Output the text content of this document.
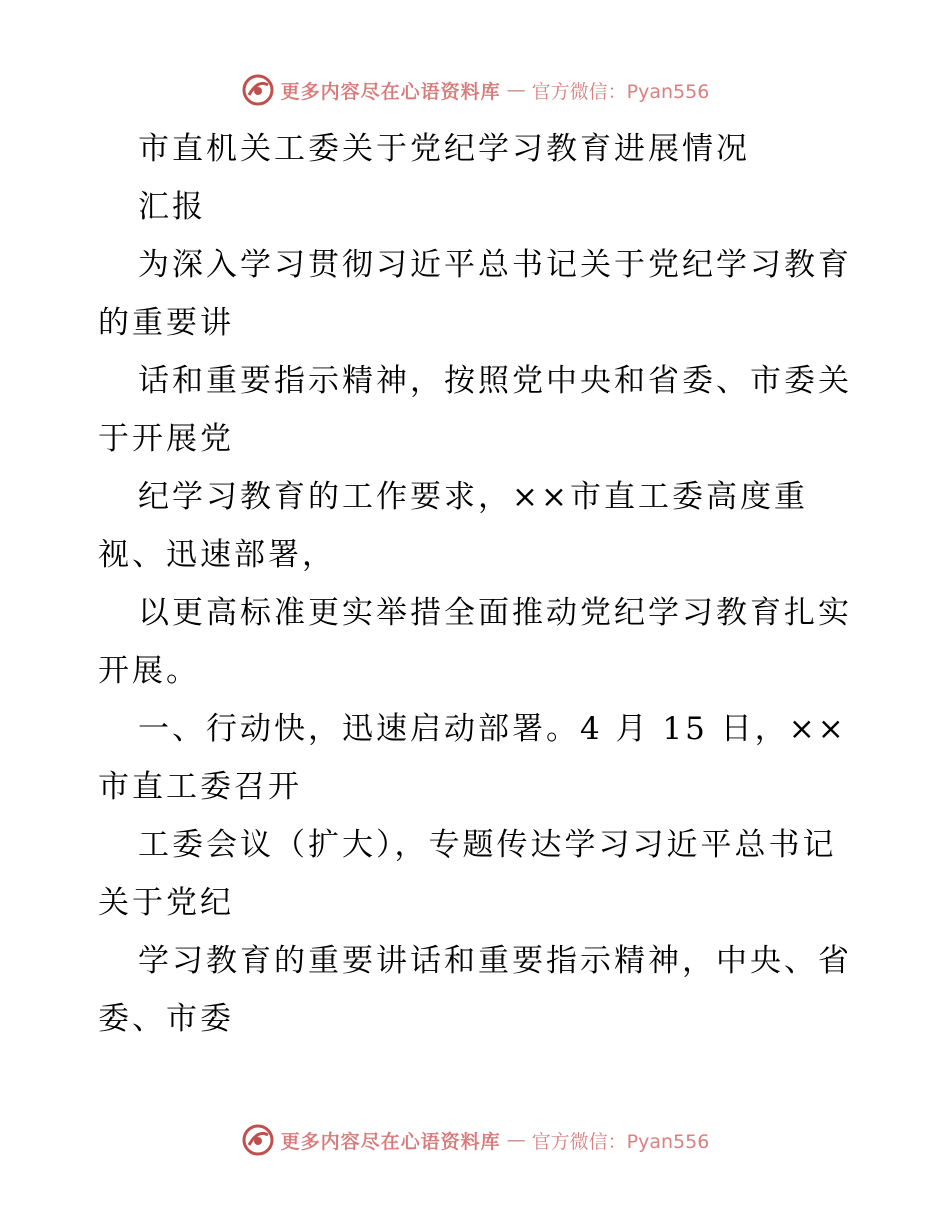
更多内容尽在心语资料库 — 官方微信：Pyan556
市直机关工委关于党纪学习教育进展情况
汇报
为深入学习贯彻习近平总书记关于党纪学习教育
的重要讲
话和重要指示精神，按照党中央和省委、市委关
于开展党
纪学习教育的工作要求，××市直工委高度重
视、迅速部署，
以更高标准更实举措全面推动党纪学习教育扎实
开展。
一、行动快，迅速启动部署。4 月 15 日，××
市直工委召开
工委会议（扩大），专题传达学习习近平总书记
关于党纪
学习教育的重要讲话和重要指示精神，中央、省
委、市委
更多内容尽在心语资料库 — 官方微信：Pyan556
